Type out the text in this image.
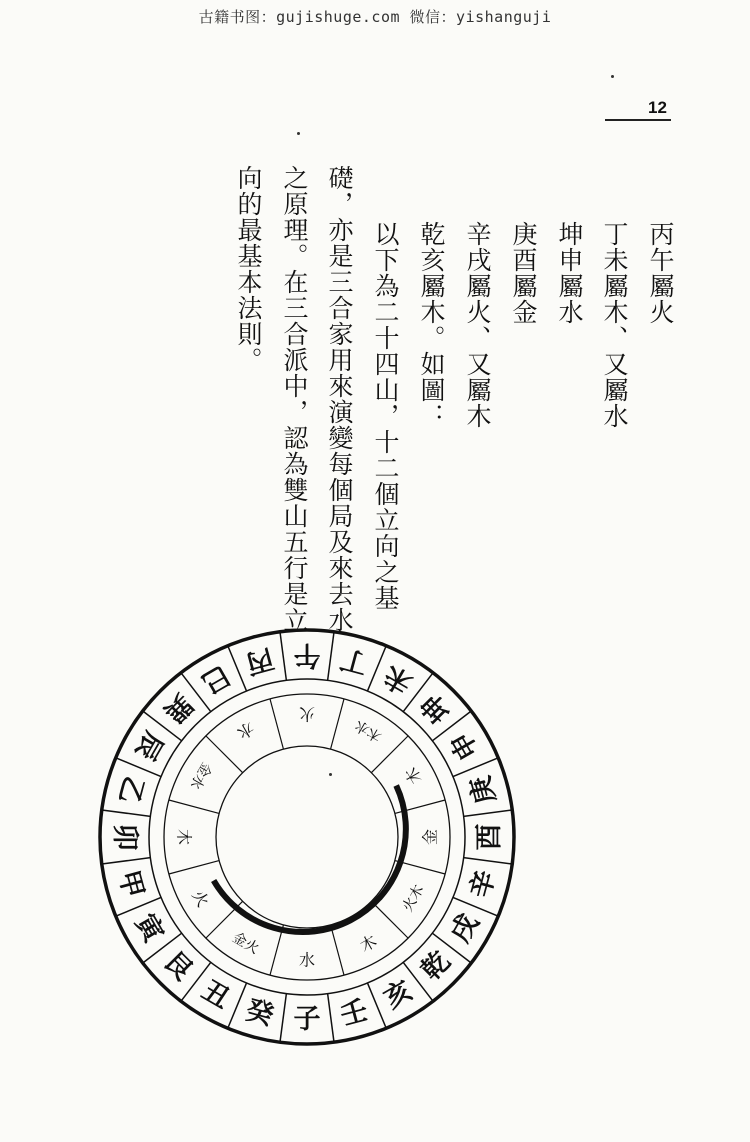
古籍书图：gujishuge.com 微信：yishanguji
12
丙午屬火
丁未屬木、又屬水
坤申屬水
庚酉屬金
辛戌屬火、又屬木
乾亥屬木。如圖：
以下為二十四山，十二個立向之基
礎，亦是三合家用來演變每個局及來去水
之原理。在三合派中，認為雙山五行是立
向的最基本法則。
午 丁 未
坤
申
庚
酉
辛
戌
乾
亥
壬
子
癸
丑
艮
寅
甲
卯
乙
辰
巽
巳 丙
火
木水
木
金
火木
木
水
金火
火
木
金水
水
